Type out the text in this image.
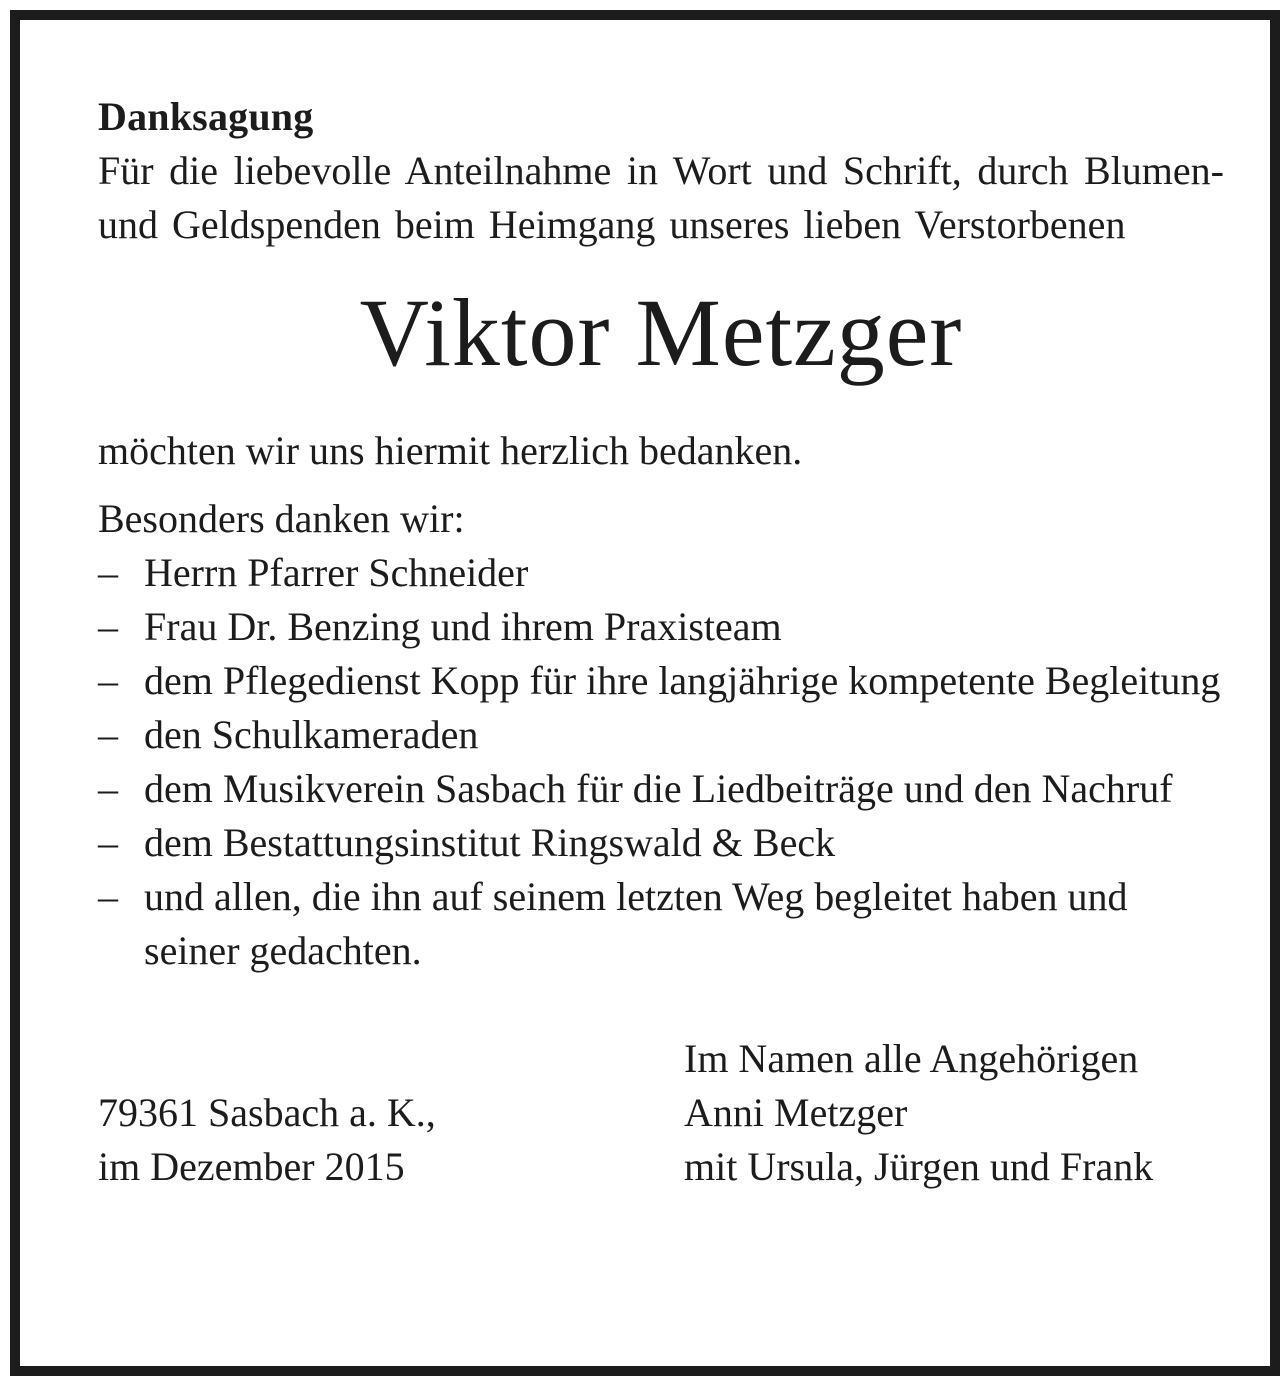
Danksagung

Für die liebevolle Anteilnahme in Wort und Schrift, durch Blumen- und Geldspenden beim Heimgang unseres lieben Verstorbenen

Viktor Metzger

möchten wir uns hiermit herzlich bedanken.

Besonders danken wir:

– Herrn Pfarrer Schneider
– Frau Dr. Benzing und ihrem Praxisteam
– dem Pflegedienst Kopp für ihre langjährige kompetente Begleitung
– den Schulkameraden
– dem Musikverein Sasbach für die Liedbeiträge und den Nachruf
– dem Bestattungsinstitut Ringswald & Beck
– und allen, die ihn auf seinem letzten Weg begleitet haben und seiner gedachten.
79361 Sasbach a. K.,
im Dezember 2015
Im Namen alle Angehörigen
Anni Metzger
mit Ursula, Jürgen und Frank
